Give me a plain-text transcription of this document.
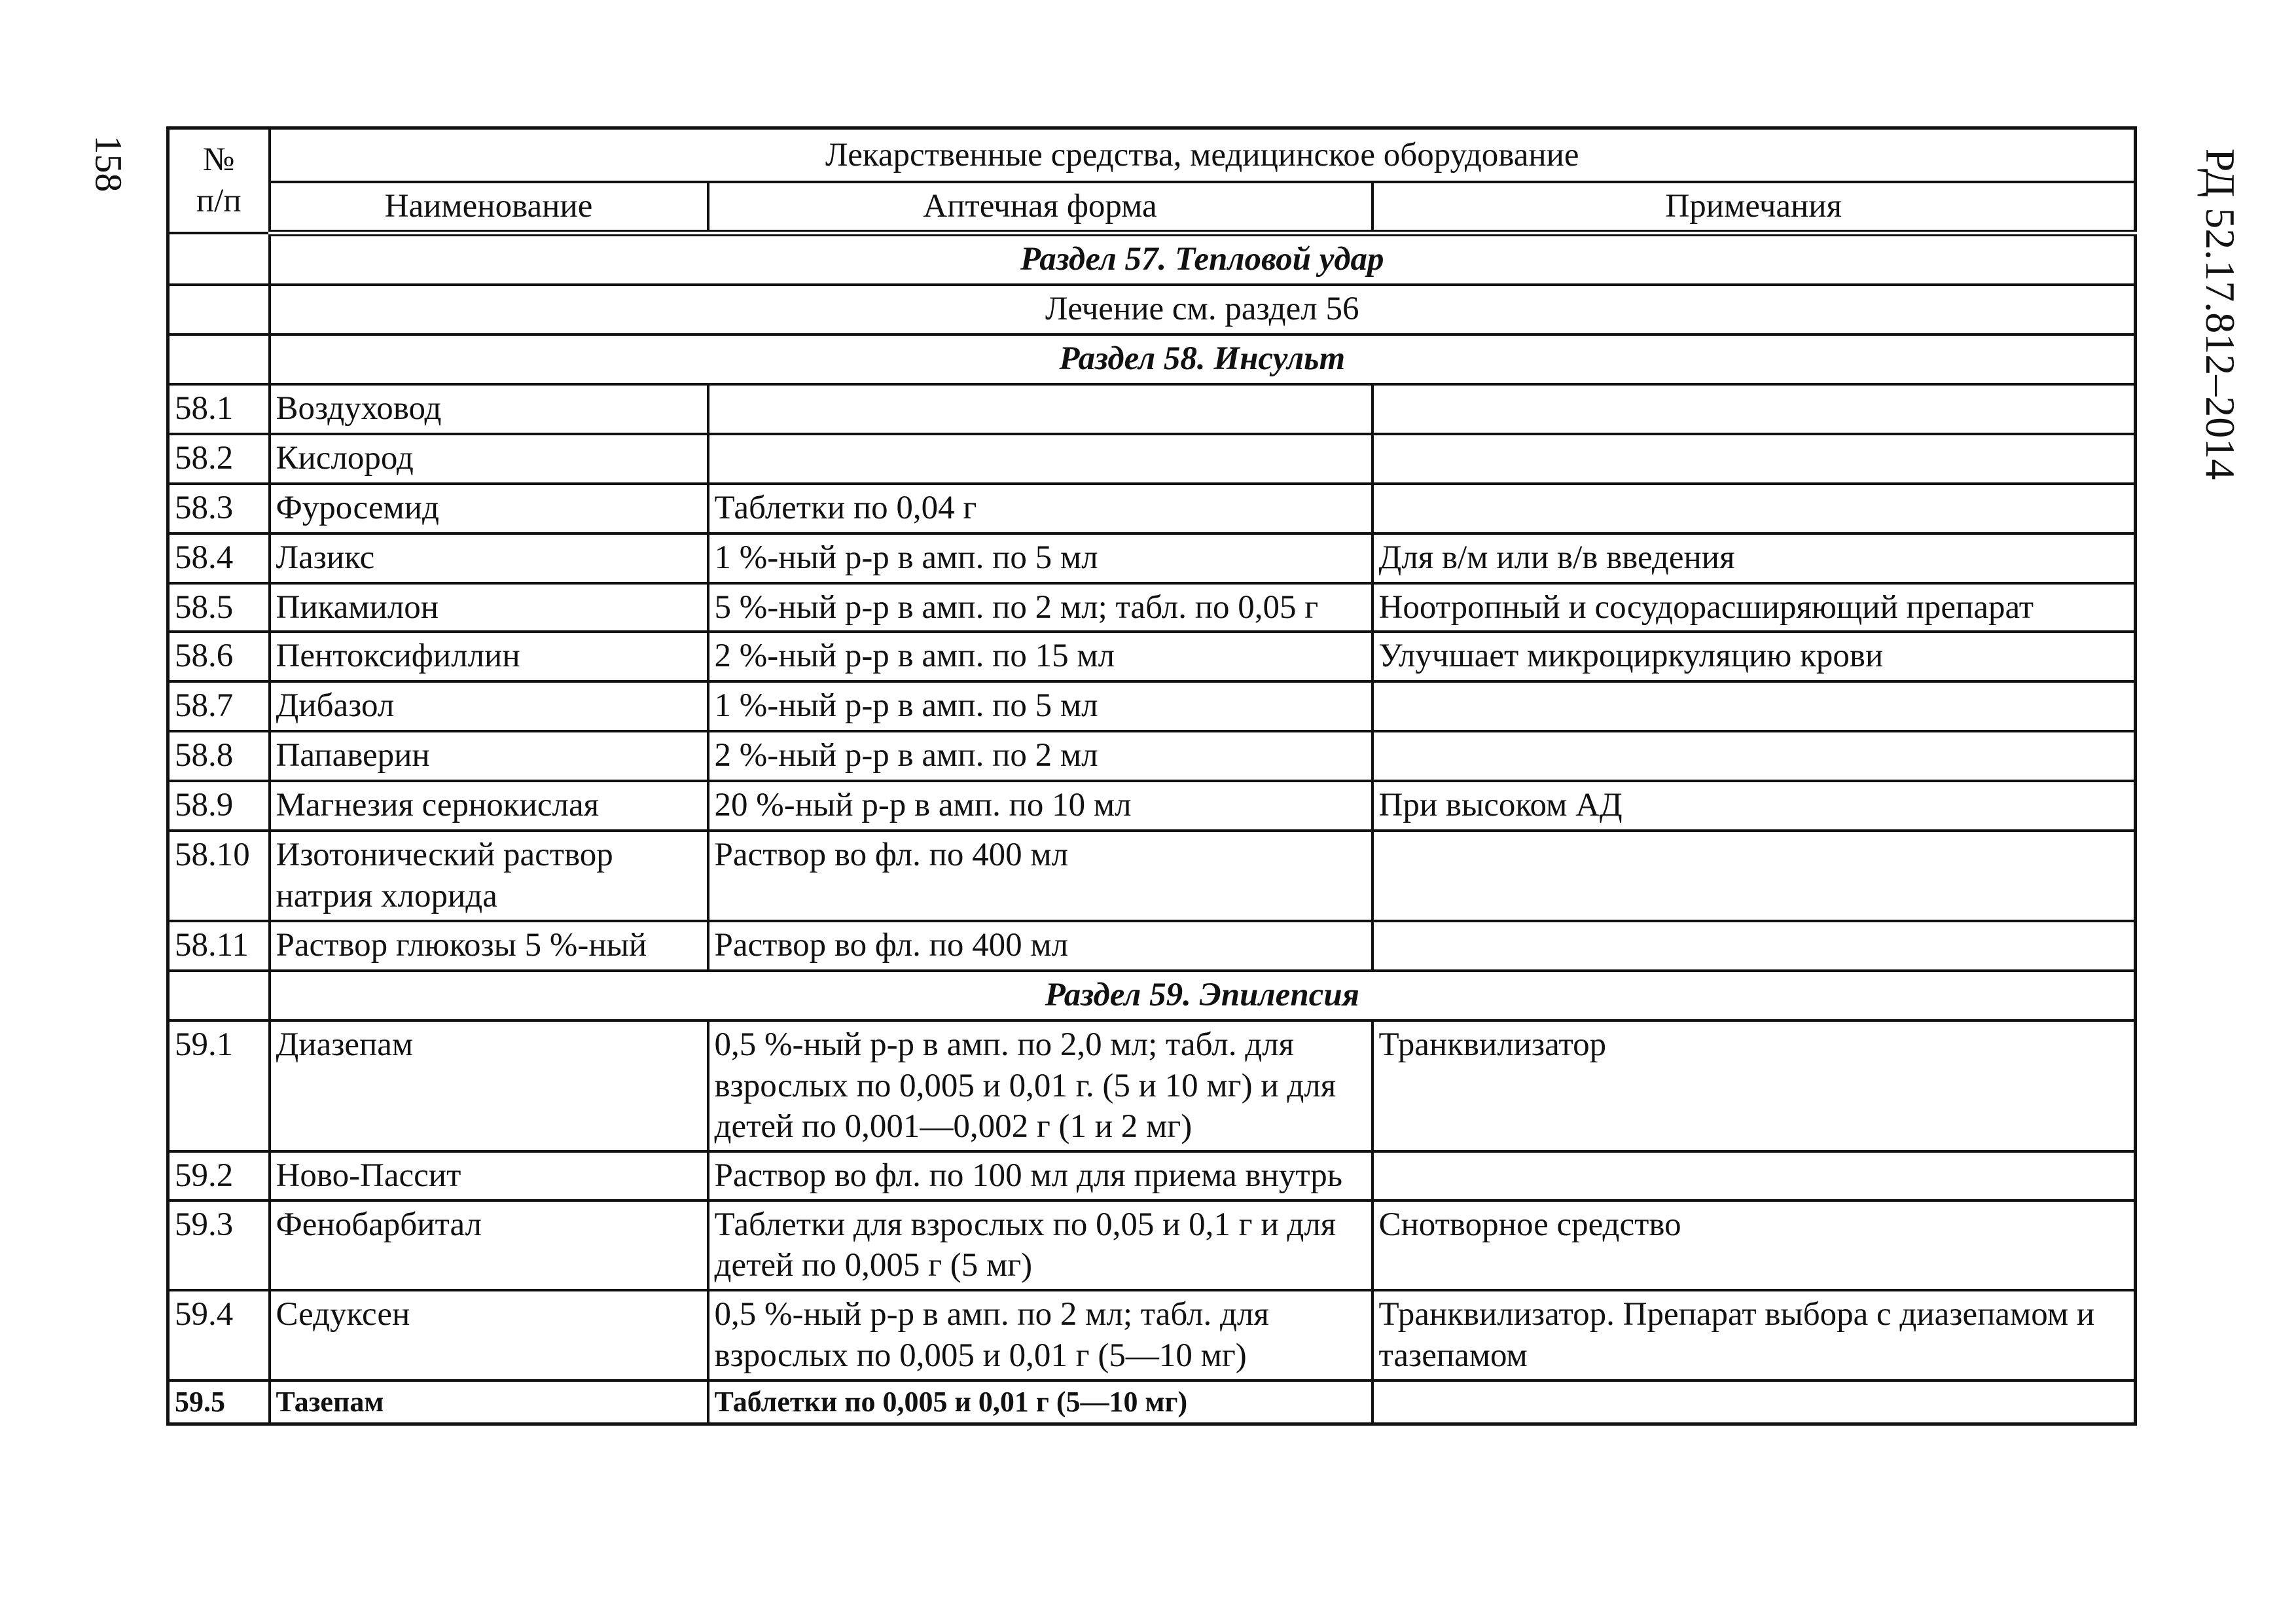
158	РД 52.17.812–2014
№
п/п	Лекарственные средства, медицинское оборудование		
	Наименование	Аптечная форма	Примечания
	Раздел 57. Тепловой удар		
	Лечение см. раздел 56		
	Раздел 58. Инсульт		
58.1	Воздуховод		
58.2	Кислород		
58.3	Фуросемид	Таблетки по 0,04 г	
58.4	Лазикс	1 %-ный р-р в амп. по 5 мл	Для в/м или в/в введения
58.5	Пикамилон	5 %-ный р-р в амп. по 2 мл; табл. по 0,05 г	Ноотропный и сосудорасширяющий препарат
58.6	Пентоксифиллин	2 %-ный р-р в амп. по 15 мл	Улучшает микроциркуляцию крови
58.7	Дибазол	1 %-ный р-р в амп. по 5 мл	
58.8	Папаверин	2 %-ный р-р в амп. по 2 мл	
58.9	Магнезия сернокислая	20 %-ный р-р в амп. по 10 мл	При высоком АД
58.10	Изотонический раствор натрия хлорида	Раствор во фл. по 400 мл	
58.11	Раствор глюкозы 5 %-ный	Раствор во фл. по 400 мл	
	Раздел 59. Эпилепсия		
59.1	Диазепам	0,5 %-ный р-р в амп. по 2,0 мл; табл. для взрослых по 0,005 и 0,01 г. (5 и 10 мг) и для детей по 0,001—0,002 г (1 и 2 мг)	Транквилизатор
59.2	Ново-Пассит	Раствор во фл. по 100 мл для приема внутрь	
59.3	Фенобарбитал	Таблетки для взрослых по 0,05 и 0,1 г и для детей по 0,005 г (5 мг)	Снотворное средство
59.4	Седуксен	0,5 %-ный р-р в амп. по 2 мл; табл. для взрослых по 0,005 и 0,01 г (5—10 мг)	Транквилизатор. Препарат выбора с диазепамом и тазепамом
59.5	Тазепам	Таблетки по 0,005 и 0,01 г (5—10 мг)	
